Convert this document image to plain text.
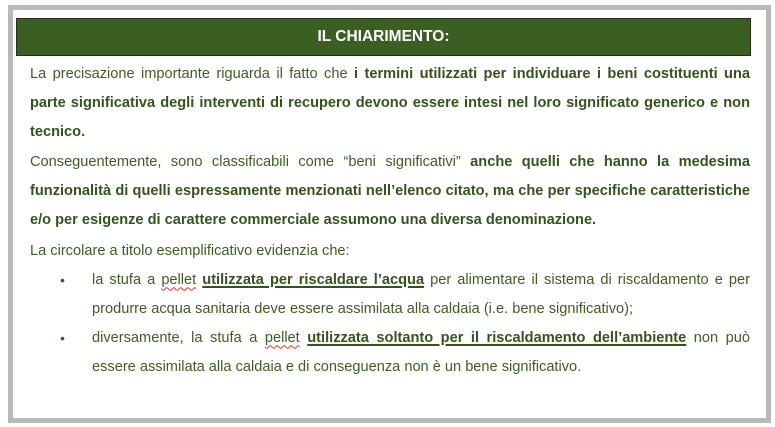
IL CHIARIMENTO:

La precisazione importante riguarda il fatto che i termini utilizzati per individuare i beni costituenti una parte significativa degli interventi di recupero devono essere intesi nel loro significato generico e non tecnico.

Conseguentemente, sono classificabili come “beni significativi” anche quelli che hanno la medesima funzionalità di quelli espressamente menzionati nell’elenco citato, ma che per specifiche caratteristiche e/o per esigenze di carattere commerciale assumono una diversa denominazione.

La circolare a titolo esemplificativo evidenzia che:

• la stufa a pellet utilizzata per riscaldare l’acqua per alimentare il sistema di riscaldamento e per produrre acqua sanitaria deve essere assimilata alla caldaia (i.e. bene significativo);
• diversamente, la stufa a pellet utilizzata soltanto per il riscaldamento dell’ambiente non può essere assimilata alla caldaia e di conseguenza non è un bene significativo.
